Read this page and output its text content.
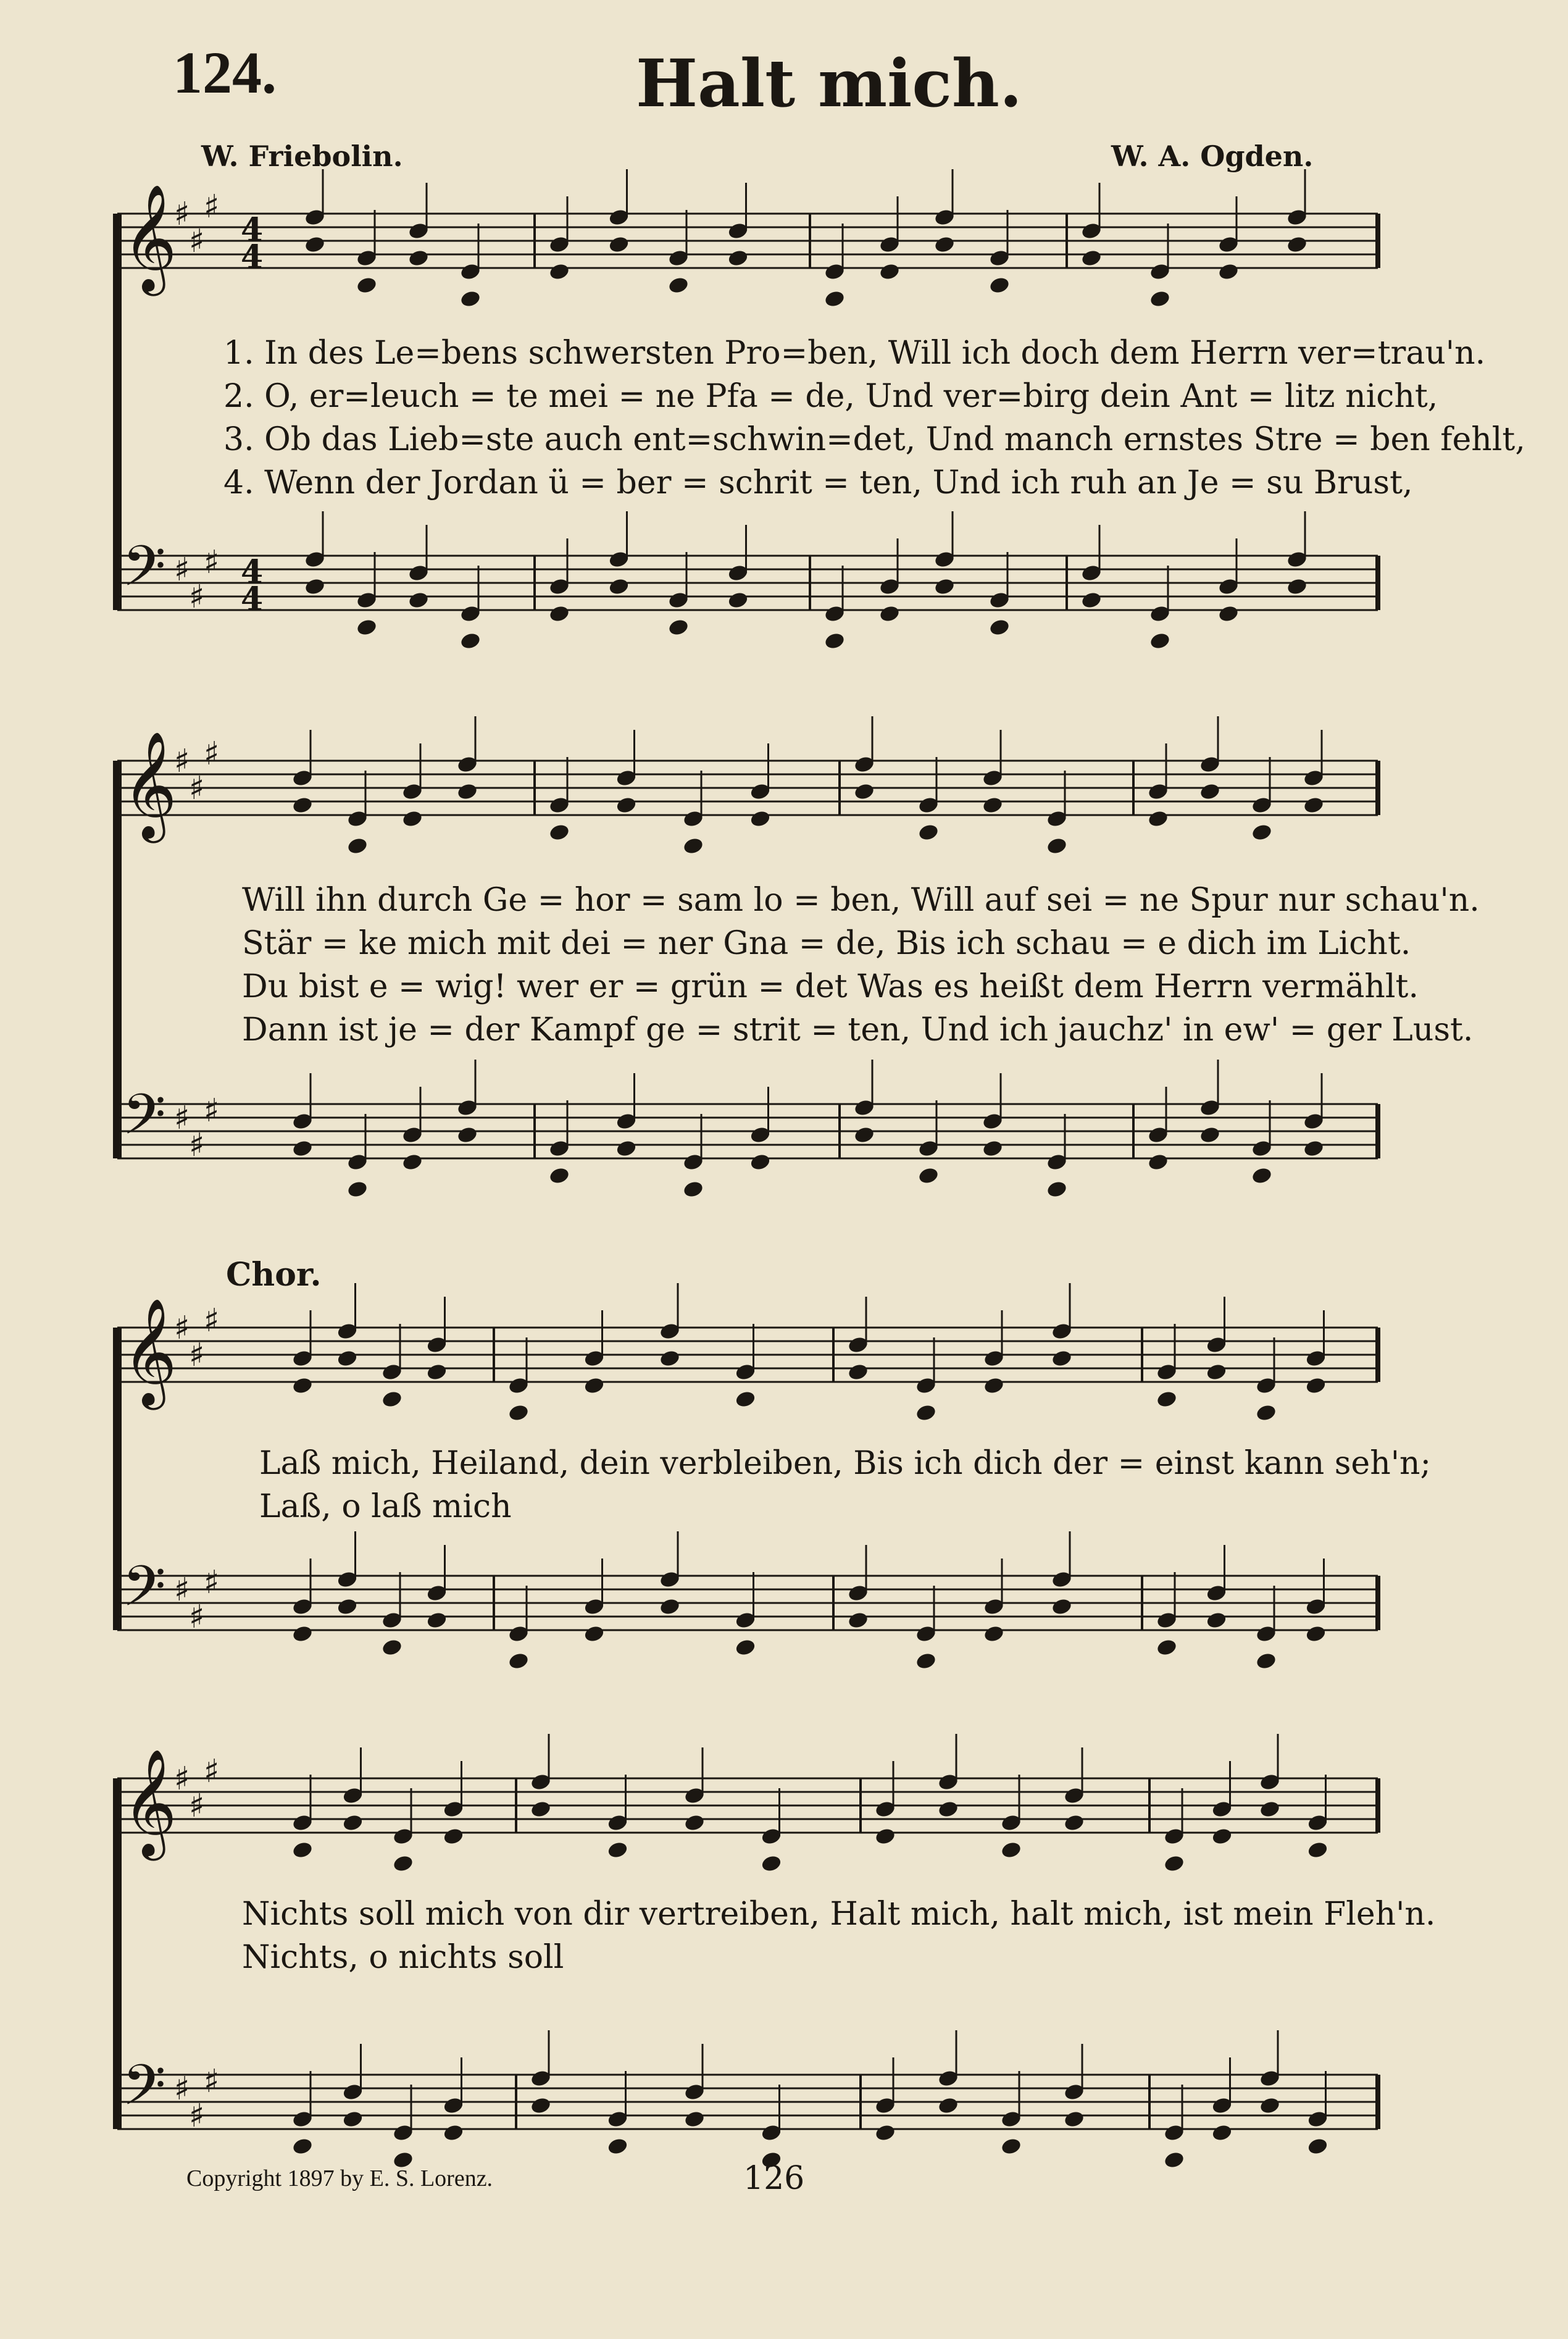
124.	Halt mich.
W. Friebolin.	W. A. Ogden.
𝄞
♯
♯
♯
4
4
𝄢 ♯
♯
♯ 4
4
𝄞
♯
♯
♯
𝄢 ♯
♯
♯
𝄞
♯
♯
♯
𝄢 ♯
♯
♯
𝄞
♯
♯
♯
𝄢 ♯
♯
♯
1. In des Le=bens schwersten Pro=ben, Will ich doch dem Herrn ver=trau'n.
2. O, er=leuch = te mei = ne Pfa = de, Und ver=birg dein Ant = litz nicht,
3. Ob das Lieb=ste auch ent=schwin=det, Und manch ernstes Stre = ben fehlt,
4. Wenn der Jordan ü = ber = schrit = ten, Und ich ruh an Je = su Brust,
Will ihn durch Ge = hor = sam lo = ben, Will auf sei = ne Spur nur schau'n.
Stär = ke mich mit dei = ner Gna = de, Bis ich schau = e dich im Licht.
Du bist e = wig! wer er = grün = det Was es heißt dem Herrn vermählt.
Dann ist je = der Kampf ge = strit = ten, Und ich jauchz' in ew' = ger Lust.
Chor.
Laß mich, Heiland, dein verbleiben, Bis ich dich der = einst kann seh'n;
Laß, o laß mich
Nichts soll mich von dir vertreiben, Halt mich, halt mich, ist mein Fleh'n.
Nichts, o nichts soll
Copyright 1897 by E. S. Lorenz.	126
